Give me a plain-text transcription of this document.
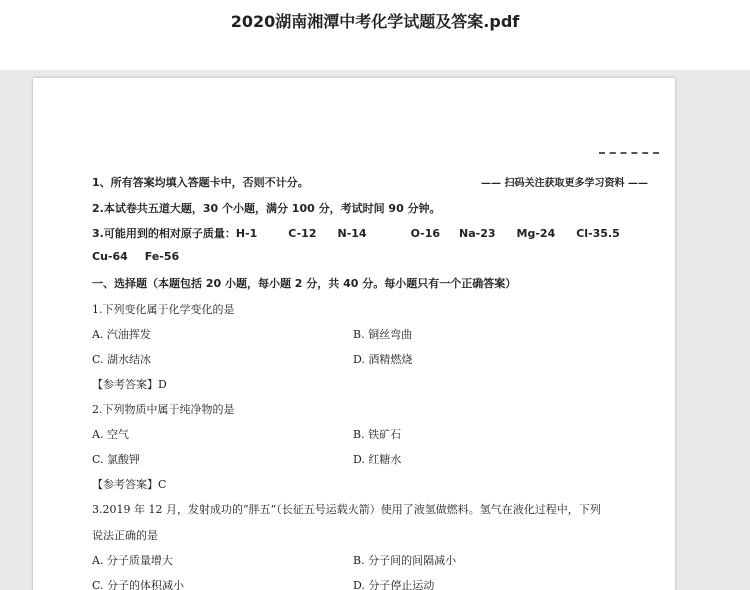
2020湖南湘潭中考化学试题及答案.pdf
—— 扫码关注获取更多学习资料 ——
1、所有答案均填入答题卡中，否则不计分。
2.本试卷共五道大题，30 个小题，满分 100 分，考试时间 90 分钟。
3.可能用到的相对原子质量：H-1	C-12 N-14	O-16 Na-23 Mg-24 Cl-35.5
Cu-64 Fe-56
一、选择题（本题包括 20 小题，每小题 2 分，共 40 分。每小题只有一个正确答案）
1.下列变化属于化学变化的是
A. 汽油挥发	B. 铜丝弯曲
C. 湖水结冰	D. 酒精燃烧
【参考答案】D
2.下列物质中属于纯净物的是
A. 空气	B. 铁矿石
C. 氯酸钾	D. 红糖水
【参考答案】C
3.2019 年 12 月，发射成功的“胖五”（长征五号运载火箭）使用了液氢做燃料。氢气在液化过程中，下列
说法正确的是
A. 分子质量增大	B. 分子间的间隔减小
C. 分子的体积减小	D. 分子停止运动
